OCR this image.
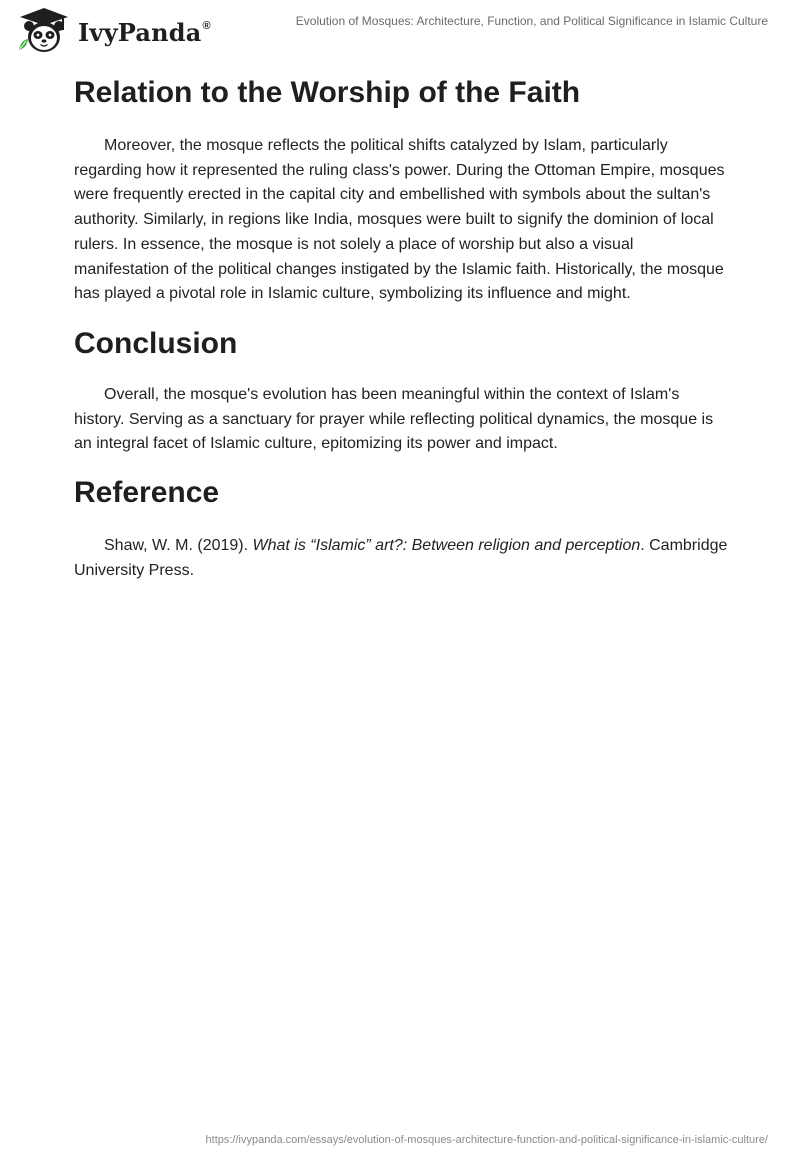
IvyPanda®	Evolution of Mosques: Architecture, Function, and Political Significance in Islamic Culture
Relation to the Worship of the Faith

Moreover, the mosque reflects the political shifts catalyzed by Islam, particularly regarding how it represented the ruling class's power. During the Ottoman Empire, mosques were frequently erected in the capital city and embellished with symbols about the sultan's authority. Similarly, in regions like India, mosques were built to signify the dominion of local rulers. In essence, the mosque is not solely a place of worship but also a visual manifestation of the political changes instigated by the Islamic faith. Historically, the mosque has played a pivotal role in Islamic culture, symbolizing its influence and might.

Conclusion

Overall, the mosque's evolution has been meaningful within the context of Islam's history. Serving as a sanctuary for prayer while reflecting political dynamics, the mosque is an integral facet of Islamic culture, epitomizing its power and impact.

Reference

Shaw, W. M. (2019). What is “Islamic” art?: Between religion and perception. Cambridge University Press.

https://ivypanda.com/essays/evolution-of-mosques-architecture-function-and-political-significance-in-islamic-culture/
